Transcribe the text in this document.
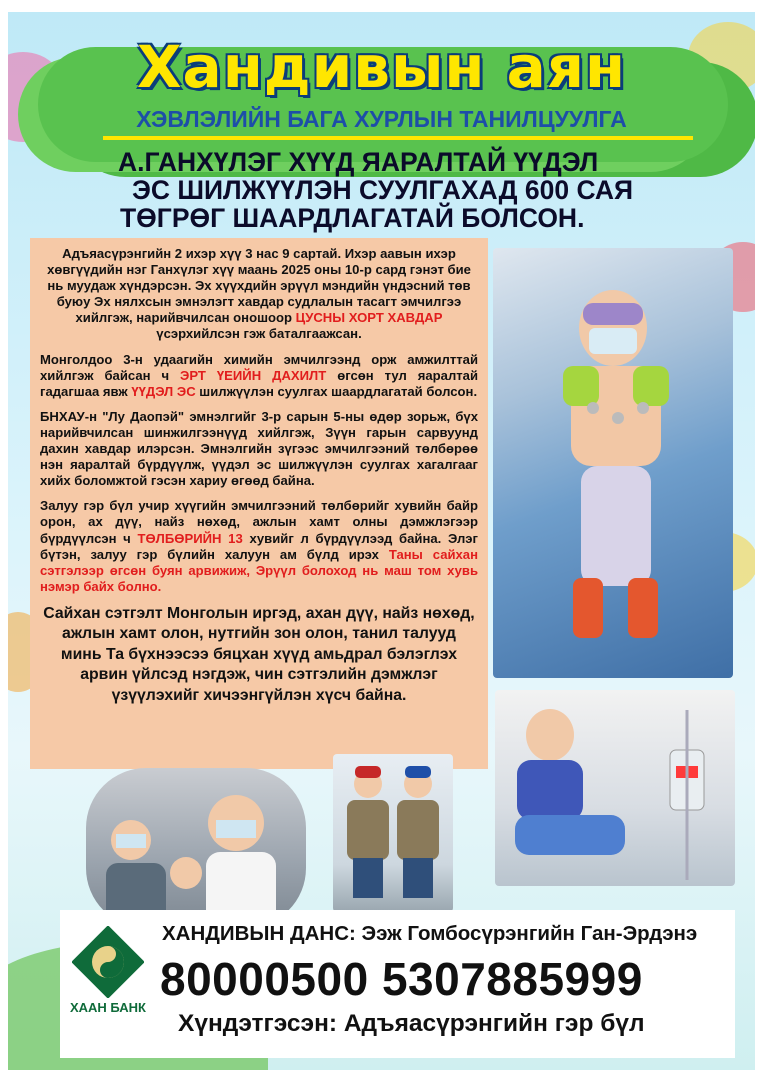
Хандивын аян
ХЭВЛЭЛИЙН БАГА ХУРЛЫН ТАНИЛЦУУЛГА
А.ГАНХҮЛЭГ ХҮҮД ЯАРАЛТАЙ ҮҮДЭЛ
ЭС ШИЛЖҮҮЛЭН СУУЛГАХАД 600 САЯ
ТӨГРӨГ ШААРДЛАГАТАЙ БОЛСОН.

Адъяасүрэнгийн 2 ихэр хүү 3 нас 9 сартай. Ихэр аавын ихэр хөвгүүдийн нэг Ганхүлэг хүү маань 2025 оны 10-р сард гэнэт бие нь муудаж хүндэрсэн. Эх хүүхдийн эрүүл мэндийн үндэсний төв буюу Эх нялхсын эмнэлэгт хавдар судлалын тасагт эмчилгээ хийлгэж, нарийвчилсан оношоор ЦУСНЫ ХОРТ ХАВДАР үсэрхийлсэн гэж баталгаажсан.

Монголдоо 3-н удаагийн химийн эмчилгээнд орж амжилттай хийлгэж байсан ч ЭРТ ҮЕИЙН ДАХИЛТ өгсөн тул яаралтай гадагшаа явж ҮҮДЭЛ ЭС шилжүүлэн суулгах шаардлагатай болсон.

БНХАУ-н "Лу Даопэй" эмнэлгийг 3-р сарын 5-ны өдөр зорьж, бүх нарийвчилсан шинжилгээнүүд хийлгэж, Зүүн гарын сарвуунд дахин хавдар илэрсэн. Эмнэлгийн зүгээс эмчилгээний төлбөрөө нэн яаралтай бүрдүүлж, үүдэл эс шилжүүлэн суулгах хагалгааг хийх боломжтой гэсэн хариу өгөөд байна.

Залуу гэр бүл учир хүүгийн эмчилгээний төлбөрийг хувийн байр орон, ах дүү, найз нөхөд, ажлын хамт олны дэмжлэгээр бүрдүүлсэн ч ТӨЛБӨРИЙН 13 хувийг л бүрдүүлээд байна. Элэг бүтэн, залуу гэр бүлийн халуун ам бүлд ирэх Таны сайхан сэтгэлээр өгсөн буян арвижиж, Эрүүл болоход нь маш том хувь нэмэр байх болно.

Сайхан сэтгэлт Монголын иргэд, ахан дүү, найз нөхөд, ажлын хамт олон, нутгийн зон олон, танил талууд минь Та бүхнээсээ бяцхан хүүд амьдрал бэлэглэх арвин үйлсэд нэгдэж, чин сэтгэлийн дэмжлэг үзүүлэхийг хичээнгүйлэн хүсч байна.

ХААН БАНК
ХАНДИВЫН ДАНС: Ээж Гомбосүрэнгийн Ган-Эрдэнэ
80000500 5307885999
Хүндэтгэсэн: Адъяасүрэнгийн гэр бүл
